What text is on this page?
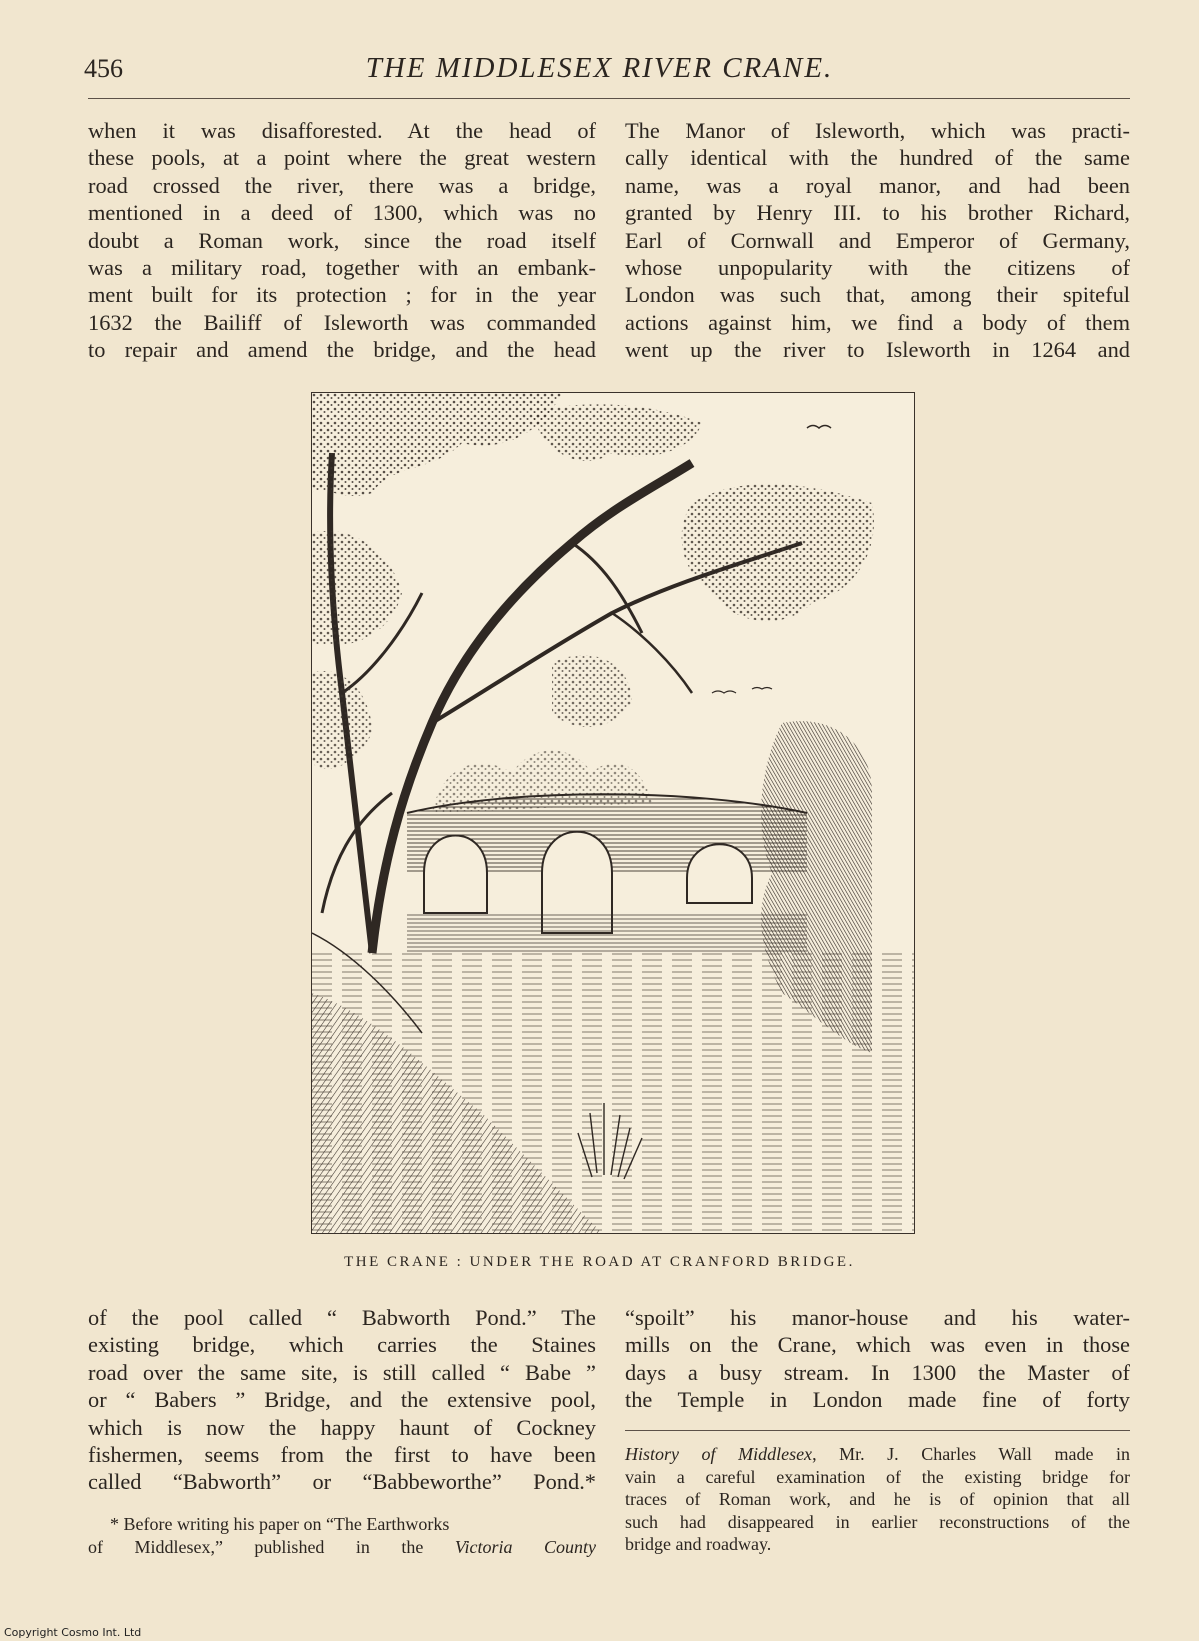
456	THE MIDDLESEX RIVER CRANE.

when it was disafforested. At the head of

these pools, at a point where the great western

road crossed the river, there was a bridge,

mentioned in a deed of 1300, which was no

doubt a Roman work, since the road itself

was a military road, together with an embank-

ment built for its protection ; for in the year

1632 the Bailiff of Isleworth was commanded

to repair and amend the bridge, and the head

The Manor of Isleworth, which was practi-

cally identical with the hundred of the same

name, was a royal manor, and had been

granted by Henry III. to his brother Richard,

Earl of Cornwall and Emperor of Germany,

whose unpopularity with the citizens of

London was such that, among their spiteful

actions against him, we find a body of them

went up the river to Isleworth in 1264 and

THE CRANE : UNDER THE ROAD AT CRANFORD BRIDGE.

of the pool called “ Babworth Pond.” The

existing bridge, which carries the Staines

road over the same site, is still called “ Babe ”

or “ Babers ” Bridge, and the extensive pool,

which is now the happy haunt of Cockney

fishermen, seems from the first to have been

called “Babworth” or “Babbeworthe” Pond.*

“spoilt” his manor-house and his water-

mills on the Crane, which was even in those

days a busy stream. In 1300 the Master of

the Temple in London made fine of forty

* Before writing his paper on “The Earthworks
of Middlesex,” published in the Victoria County
History of Middlesex, Mr. J. Charles Wall made in
vain a careful examination of the existing bridge for
traces of Roman work, and he is of opinion that all
such had disappeared in earlier reconstructions of the
bridge and roadway.
Copyright Cosmo Int. Ltd
